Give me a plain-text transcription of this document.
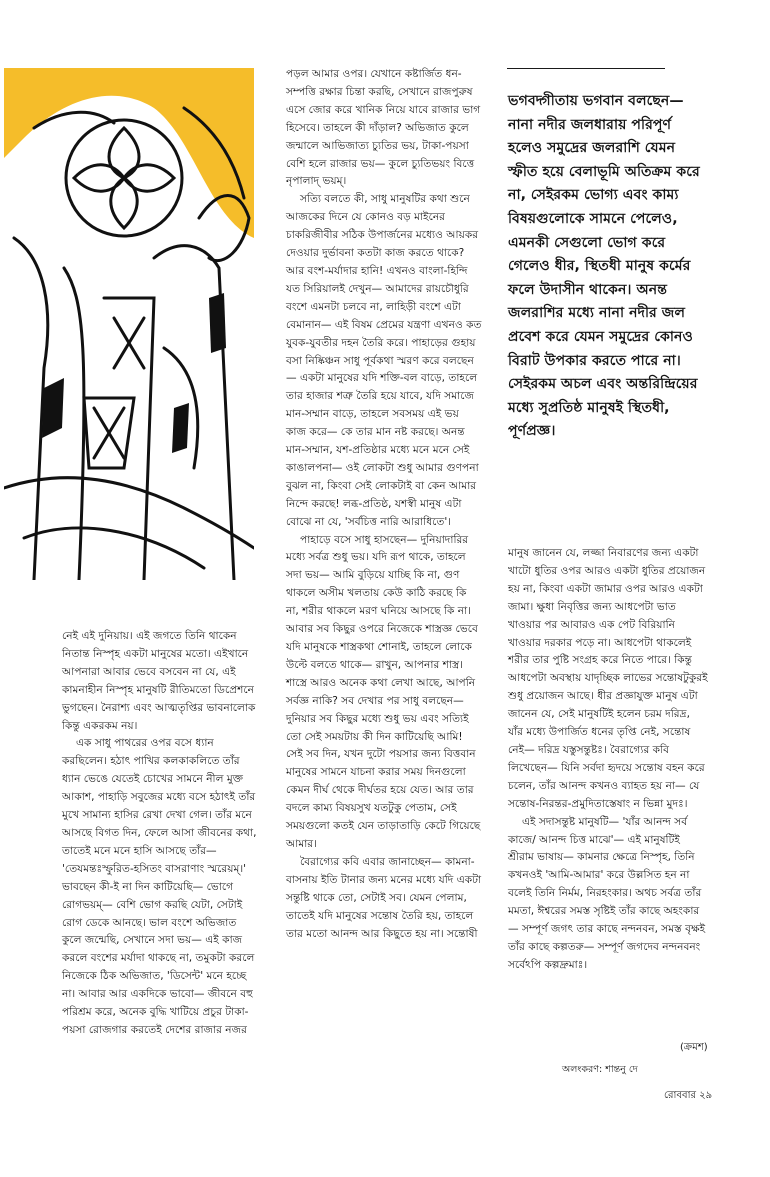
নেই এই দুনিয়ায়। এই জগতে তিনি থাকেন নিতান্ত নিস্পৃহ একটা মানুষের মতো। এইখানে আপনারা আবার ভেবে বসবেন না যে, এই কামনাহীন নিস্পৃহ মানুষটি রীতিমতো ডিপ্রেশনে ভুগছেন। নৈরাশ্য এবং আত্মতৃপ্তির ভাবনালোক কিন্তু একরকম নয়।

এক সাধু পাথরের ওপর বসে ধ্যান করছিলেন। হঠাৎ পাখির কলকাকলিতে তাঁর ধ্যান ভেঙে যেতেই চোখের সামনে নীল মুক্ত আকাশ, পাহাড়ি সবুজের মধ্যে বসে হঠাৎই তাঁর মুখে সামান্য হাসির রেখা দেখা গেল। তাঁর মনে আসছে বিগত দিন, ফেলে আসা জীবনের কথা, তাতেই মনে মনে হাসি আসছে তাঁর— 'তেযমন্তঃস্ফুরিত-হসিতং বাসরাণাং স্মরেয়ম্।' ভাবছেন কী-ই না দিন কাটিয়েছি— ভোগে রোগভয়ম্— বেশি ভোগ করছি যেটা, সেটাই রোগ ডেকে আনছে। ভাল বংশে অভিজাত কুলে জন্মেছি, সেখানে সদা ভয়— এই কাজ করলে বংশের মর্যাদা থাকছে না, তমুকটা করলে নিজেকে ঠিক অভিজাত, 'ডিসেন্ট' মনে হচ্ছে না। আবার আর একদিকে ভাবো— জীবনে বহু পরিশ্রম করে, অনেক বুদ্ধি খাটিয়ে প্রচুর টাকা-পয়সা রোজগার করতেই দেশের রাজার নজর

পড়ল আমার ওপর। যেখানে কষ্টার্জিত ধন-সম্পত্তি রক্ষার চিন্তা করছি, সেখানে রাজপুরুষ এসে জোর করে খানিক নিয়ে যাবে রাজার ভাগ হিসেবে। তাহলে কী দাঁড়াল? অভিজাত কুলে জন্মালে আভিজাত্য চ্যুতির ভয়, টাকা-পয়সা বেশি হলে রাজার ভয়— কুলে চ্যুতিভয়ং বিত্তে নৃপালাদ্ ভয়ম্।

সত্যি বলতে কী, সাধু মানুষটির কথা শুনে আজকের দিনে যে কোনও বড় মাইনের চাকরিজীবীর সঠিক উপার্জনের মধ্যেও আয়কর দেওয়ার দুর্ভাবনা কতটা কাজ করতে থাকে? আর বংশ-মর্যাদার হানি! এখনও বাংলা-হিন্দি যত সিরিয়ালই দেখুন— আমাদের রায়চৌধুরি বংশে এমনটা চলবে না, লাহিড়ী বংশে এটা বেমানান— এই বিষম প্রেমের যন্ত্রণা এখনও কত যুবক-যুবতীর দহন তৈরি করে। পাহাড়ের গুহায় বসা নিষ্কিঞ্চন সাধু পূর্বকথা স্মরণ করে বলছেন— একটা মানুষের যদি শক্তি-বল বাড়ে, তাহলে তার হাজার শত্রু তৈরি হয়ে যাবে, যদি সমাজে মান-সম্মান বাড়ে, তাহলে সবসময় এই ভয় কাজ করে— কে তার মান নষ্ট করছে। অনন্ত মান-সম্মান, যশ-প্রতিষ্ঠার মধ্যে মনে মনে সেই কাঙালপনা— ওই লোকটা শুধু আমার গুণপনা বুঝল না, কিংবা সেই লোকটাই বা কেন আমার নিন্দে করছে! লব্ধ-প্রতিষ্ঠ, যশস্বী মানুষ এটা বোঝে না যে, 'সর্বচিত্ত নারি আরাধিতে'।

পাহাড়ে বসে সাধু হাসছেন— দুনিয়াদারির মধ্যে সর্বত্র শুধু ভয়। যদি রূপ থাকে, তাহলে সদা ভয়— আমি বুড়িয়ে যাচ্ছি কি না, গুণ থাকলে অসীম খলতায় কেউ কাঠি করছে কি না, শরীর থাকলে মরণ ঘনিয়ে আসছে কি না। আবার সব কিছুর ওপরে নিজেকে শাস্ত্রজ্ঞ ভেবে যদি মানুষকে শাস্ত্রকথা শোনাই, তাহলে লোকে উল্টে বলতে থাকে— রাখুন, আপনার শাস্ত্র। শাস্ত্রে আরও অনেক কথা লেখা আছে, আপনি সর্বজ্ঞ নাকি? সব দেখার পর সাধু বলছেন— দুনিয়ার সব কিছুর মধ্যে শুধু ভয় এবং সত্যিই তো সেই সময়টায় কী দিন কাটিয়েছি আমি! সেই সব দিন, যখন দুটো পয়সার জন্য বিত্তবান মানুষের সামনে যাচনা করার সময় দিনগুলো কেমন দীর্ঘ থেকে দীর্ঘতর হয়ে যেত। আর তার বদলে কাম্য বিষয়সুখ যতটুকু পেতাম, সেই সময়গুলো কতই যেন তাড়াতাড়ি কেটে গিয়েছে আমার।

বৈরাগ্যের কবি এবার জানাচ্ছেন— কামনা-বাসনায় ইতি টানার জন্য মনের মধ্যে যদি একটা সন্তুষ্টি থাকে তো, সেটাই সব। যেমন পেলাম, তাতেই যদি মানুষের সন্তোষ তৈরি হয়, তাহলে তার মতো আনন্দ আর কিছুতে হয় না। সন্তোষী

ভগবদ্গীতায় ভগবান বলছেন— নানা নদীর জলধারায় পরিপূর্ণ হলেও সমুদ্রের জলরাশি যেমন স্ফীত হয়ে বেলাভূমি অতিক্রম করে না, সেইরকম ভোগ্য এবং কাম্য বিষয়গুলোকে সামনে পেলেও, এমনকী সেগুলো ভোগ করে গেলেও ধীর, স্থিতধী মানুষ কর্মের ফলে উদাসীন থাকেন। অনন্ত জলরাশির মধ্যে নানা নদীর জল প্রবেশ করে যেমন সমুদ্রের কোনও বিরাট উপকার করতে পারে না। সেইরকম অচল এবং অন্তরিন্দ্রিয়ের মধ্যে সুপ্রতিষ্ঠ মানুষই স্থিতধী, পূর্ণপ্রজ্ঞ।

মানুষ জানেন যে, লজ্জা নিবারণের জন্য একটা খাটো ধুতির ওপর আরও একটা ধুতির প্রয়োজন হয় না, কিংবা একটা জামার ওপর আরও একটা জামা। ক্ষুধা নিবৃত্তির জন্য আধপেটা ভাত খাওয়ার পর আবারও এক পেট বিরিয়ানি খাওয়ার দরকার পড়ে না। আধপেটা থাকলেই শরীর তার পুষ্টি সংগ্রহ করে নিতে পারে। কিন্তু আধপেটা অবস্থায় যাদৃচ্ছিক লাভের সন্তোষটুকুরই শুধু প্রয়োজন আছে। ধীর প্রজ্ঞাযুক্ত মানুষ এটা জানেন যে, সেই মানুষটিই হলেন চরম দরিদ্র, যাঁর মধ্যে উপার্জিত ধনের তৃপ্তি নেই, সন্তোষ নেই— দরিদ্র যস্তুসন্তুষ্টঃ। বৈরাগ্যের কবি লিখেছেন— যিনি সর্বদা হৃদয়ে সন্তোষ বহন করে চলেন, তাঁর আনন্দ কখনও ব্যাহত হয় না— যে সন্তোষ-নিরন্তর-প্রমুদিতাস্তেষাং ন ভিন্না মুদঃ।

এই সদাসন্তুষ্ট মানুষটি— 'যাঁর আনন্দ সর্ব কাজে/ আনন্দ চিত্ত মাঝে'— এই মানুষটিই শ্রীরাম ভাষায়— কামনার ক্ষেত্রে নিস্পৃহ, তিনি কখনওই 'আমি-আমার' করে উল্লসিত হন না বলেই তিনি নির্মম, নিরহংকার। অথচ সর্বত্র তাঁর মমতা, ঈশ্বরের সমস্ত সৃষ্টিই তাঁর কাছে অহংকার— সম্পূর্ণ জগৎ তার কাছে নন্দনবন, সমস্ত বৃক্ষই তাঁর কাছে কল্পতরু— সম্পূর্ণ জগদেব নন্দনবনং সর্বেঽপি কল্পদ্রুমাঃ।

(ক্রমশ)
অলংকরণ: শান্তনু দে
রোববার ২৯
